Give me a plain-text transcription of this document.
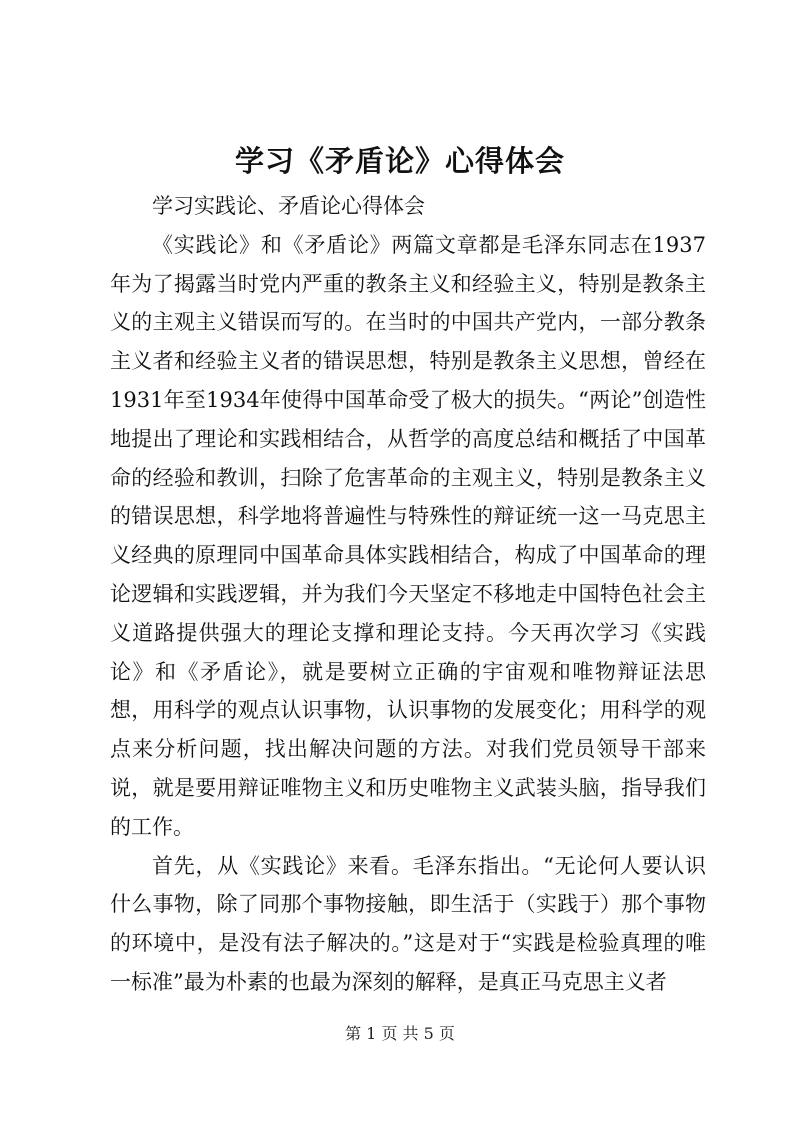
学习《矛盾论》心得体会

学习实践论、矛盾论心得体会

《实践论》和《矛盾论》两篇文章都是毛泽东同志在1937年为了揭露当时党内严重的教条主义和经验主义，特别是教条主义的主观主义错误而写的。在当时的中国共产党内，一部分教条主义者和经验主义者的错误思想，特别是教条主义思想，曾经在1931年至1934年使得中国革命受了极大的损失。“两论”创造性地提出了理论和实践相结合，从哲学的高度总结和概括了中国革命的经验和教训，扫除了危害革命的主观主义，特别是教条主义的错误思想，科学地将普遍性与特殊性的辩证统一这一马克思主义经典的原理同中国革命具体实践相结合，构成了中国革命的理论逻辑和实践逻辑，并为我们今天坚定不移地走中国特色社会主义道路提供强大的理论支撑和理论支持。今天再次学习《实践论》和《矛盾论》，就是要树立正确的宇宙观和唯物辩证法思想，用科学的观点认识事物，认识事物的发展变化；用科学的观点来分析问题，找出解决问题的方法。对我们党员领导干部来说，就是要用辩证唯物主义和历史唯物主义武装头脑，指导我们的工作。

首先，从《实践论》来看。毛泽东指出。“无论何人要认识什么事物，除了同那个事物接触，即生活于（实践于）那个事物的环境中，是没有法子解决的。”这是对于“实践是检验真理的唯一标准”最为朴素的也最为深刻的解释，是真正马克思主义者

第 1 页 共 5 页
